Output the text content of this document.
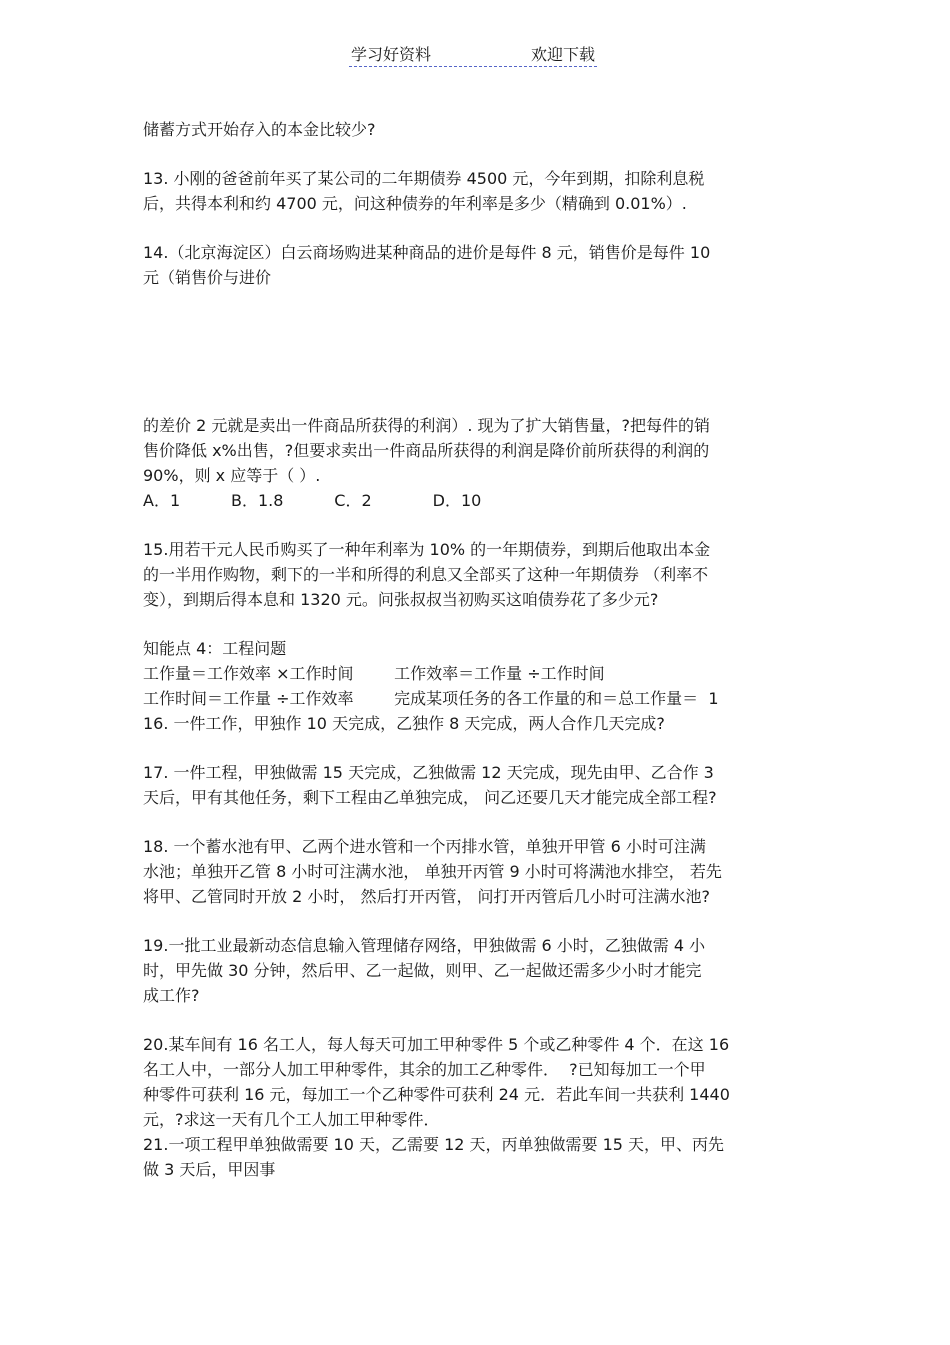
学习好资料	欢迎下载
储蓄方式开始存入的本金比较少?
13. 小刚的爸爸前年买了某公司的二年期债券 4500 元，今年到期，扣除利息税
后，共得本利和约 4700 元，问这种债券的年利率是多少（精确到 0.01%）.
14.（北京海淀区）白云商场购进某种商品的进价是每件 8 元，销售价是每件 10
元（销售价与进价
的差价 2 元就是卖出一件商品所获得的利润）. 现为了扩大销售量，?把每件的销
售价降低 x%出售，?但要求卖出一件商品所获得的利润是降价前所获得的利润的
90%，则 x 应等于（ ）.
A．1          B．1.8          C．2            D．10
15.用若干元人民币购买了一种年利率为 10% 的一年期债券，到期后他取出本金
的一半用作购物，剩下的一半和所得的利息又全部买了这种一年期债券 （利率不
变），到期后得本息和 1320 元。问张叔叔当初购买这咱债券花了多少元?
知能点 4：工程问题
工作量＝工作效率 ×工作时间        工作效率＝工作量 ÷工作时间
工作时间＝工作量 ÷工作效率        完成某项任务的各工作量的和＝总工作量＝  1
16. 一件工作，甲独作 10 天完成，乙独作 8 天完成，两人合作几天完成?
17. 一件工程，甲独做需 15 天完成，乙独做需 12 天完成，现先由甲、乙合作 3
天后，甲有其他任务，剩下工程由乙单独完成， 问乙还要几天才能完成全部工程?
18. 一个蓄水池有甲、乙两个进水管和一个丙排水管，单独开甲管 6 小时可注满
水池；单独开乙管 8 小时可注满水池， 单独开丙管 9 小时可将满池水排空， 若先
将甲、乙管同时开放 2 小时， 然后打开丙管， 问打开丙管后几小时可注满水池?
19.一批工业最新动态信息输入管理储存网络，甲独做需 6 小时，乙独做需 4 小
时，甲先做 30 分钟，然后甲、乙一起做，则甲、乙一起做还需多少小时才能完
成工作?
20.某车间有 16 名工人，每人每天可加工甲种零件 5 个或乙种零件 4 个．在这 16
名工人中，一部分人加工甲种零件，其余的加工乙种零件．  ?已知每加工一个甲
种零件可获利 16 元，每加工一个乙种零件可获利 24 元．若此车间一共获利 1440
元，?求这一天有几个工人加工甲种零件．
21.一项工程甲单独做需要 10 天，乙需要 12 天，丙单独做需要 15 天，甲、丙先
做 3 天后，甲因事
